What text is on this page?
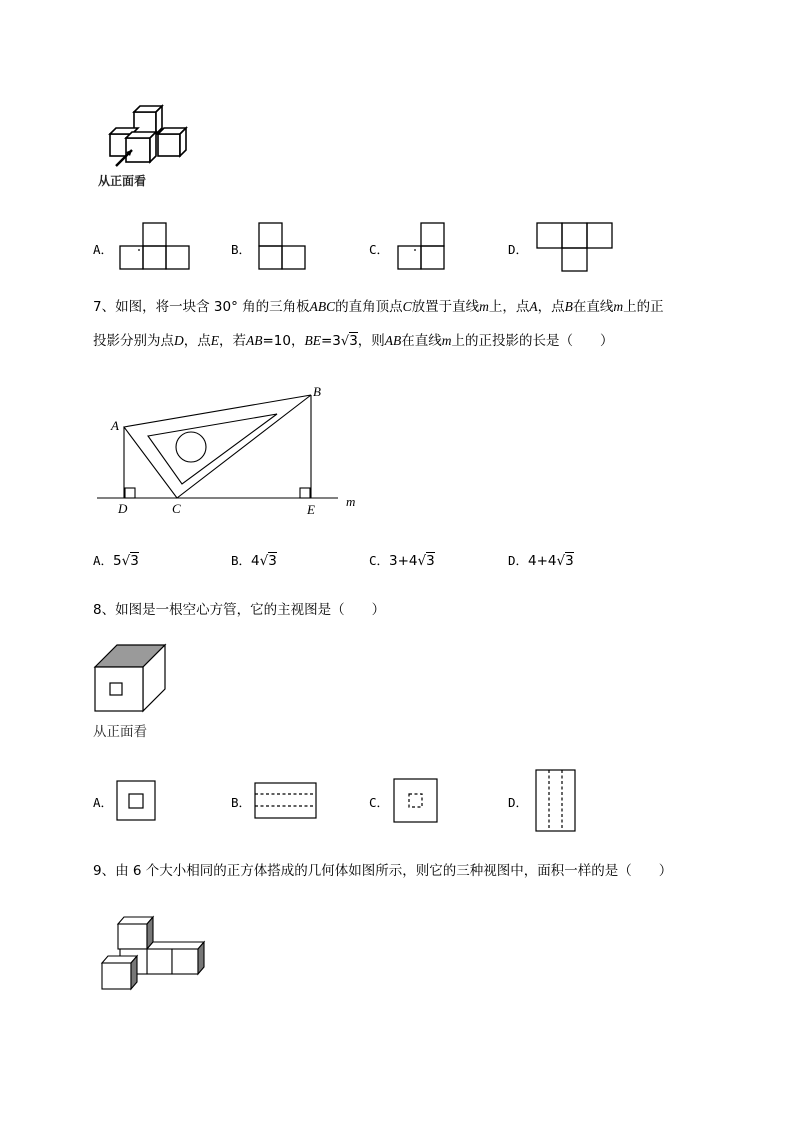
从正面看
A．	B．	C．	D．
7、如图，将一块含 30° 角的三角板ABC的直角顶点C放置于直线m上，点A，点B在直线m上的正
投影分别为点D，点E，若AB=10，BE=3√3，则AB在直线m上的正投影的长是（　　）
A
B
D	C	E
m
A．5√3	B．4√3	C．3+4√3	D．4+4√3
8、如图是一根空心方管，它的主视图是（　　）
从正面看
A．	B．	C．	D．
9、由 6 个大小相同的正方体搭成的几何体如图所示，则它的三种视图中，面积一样的是（　　）
